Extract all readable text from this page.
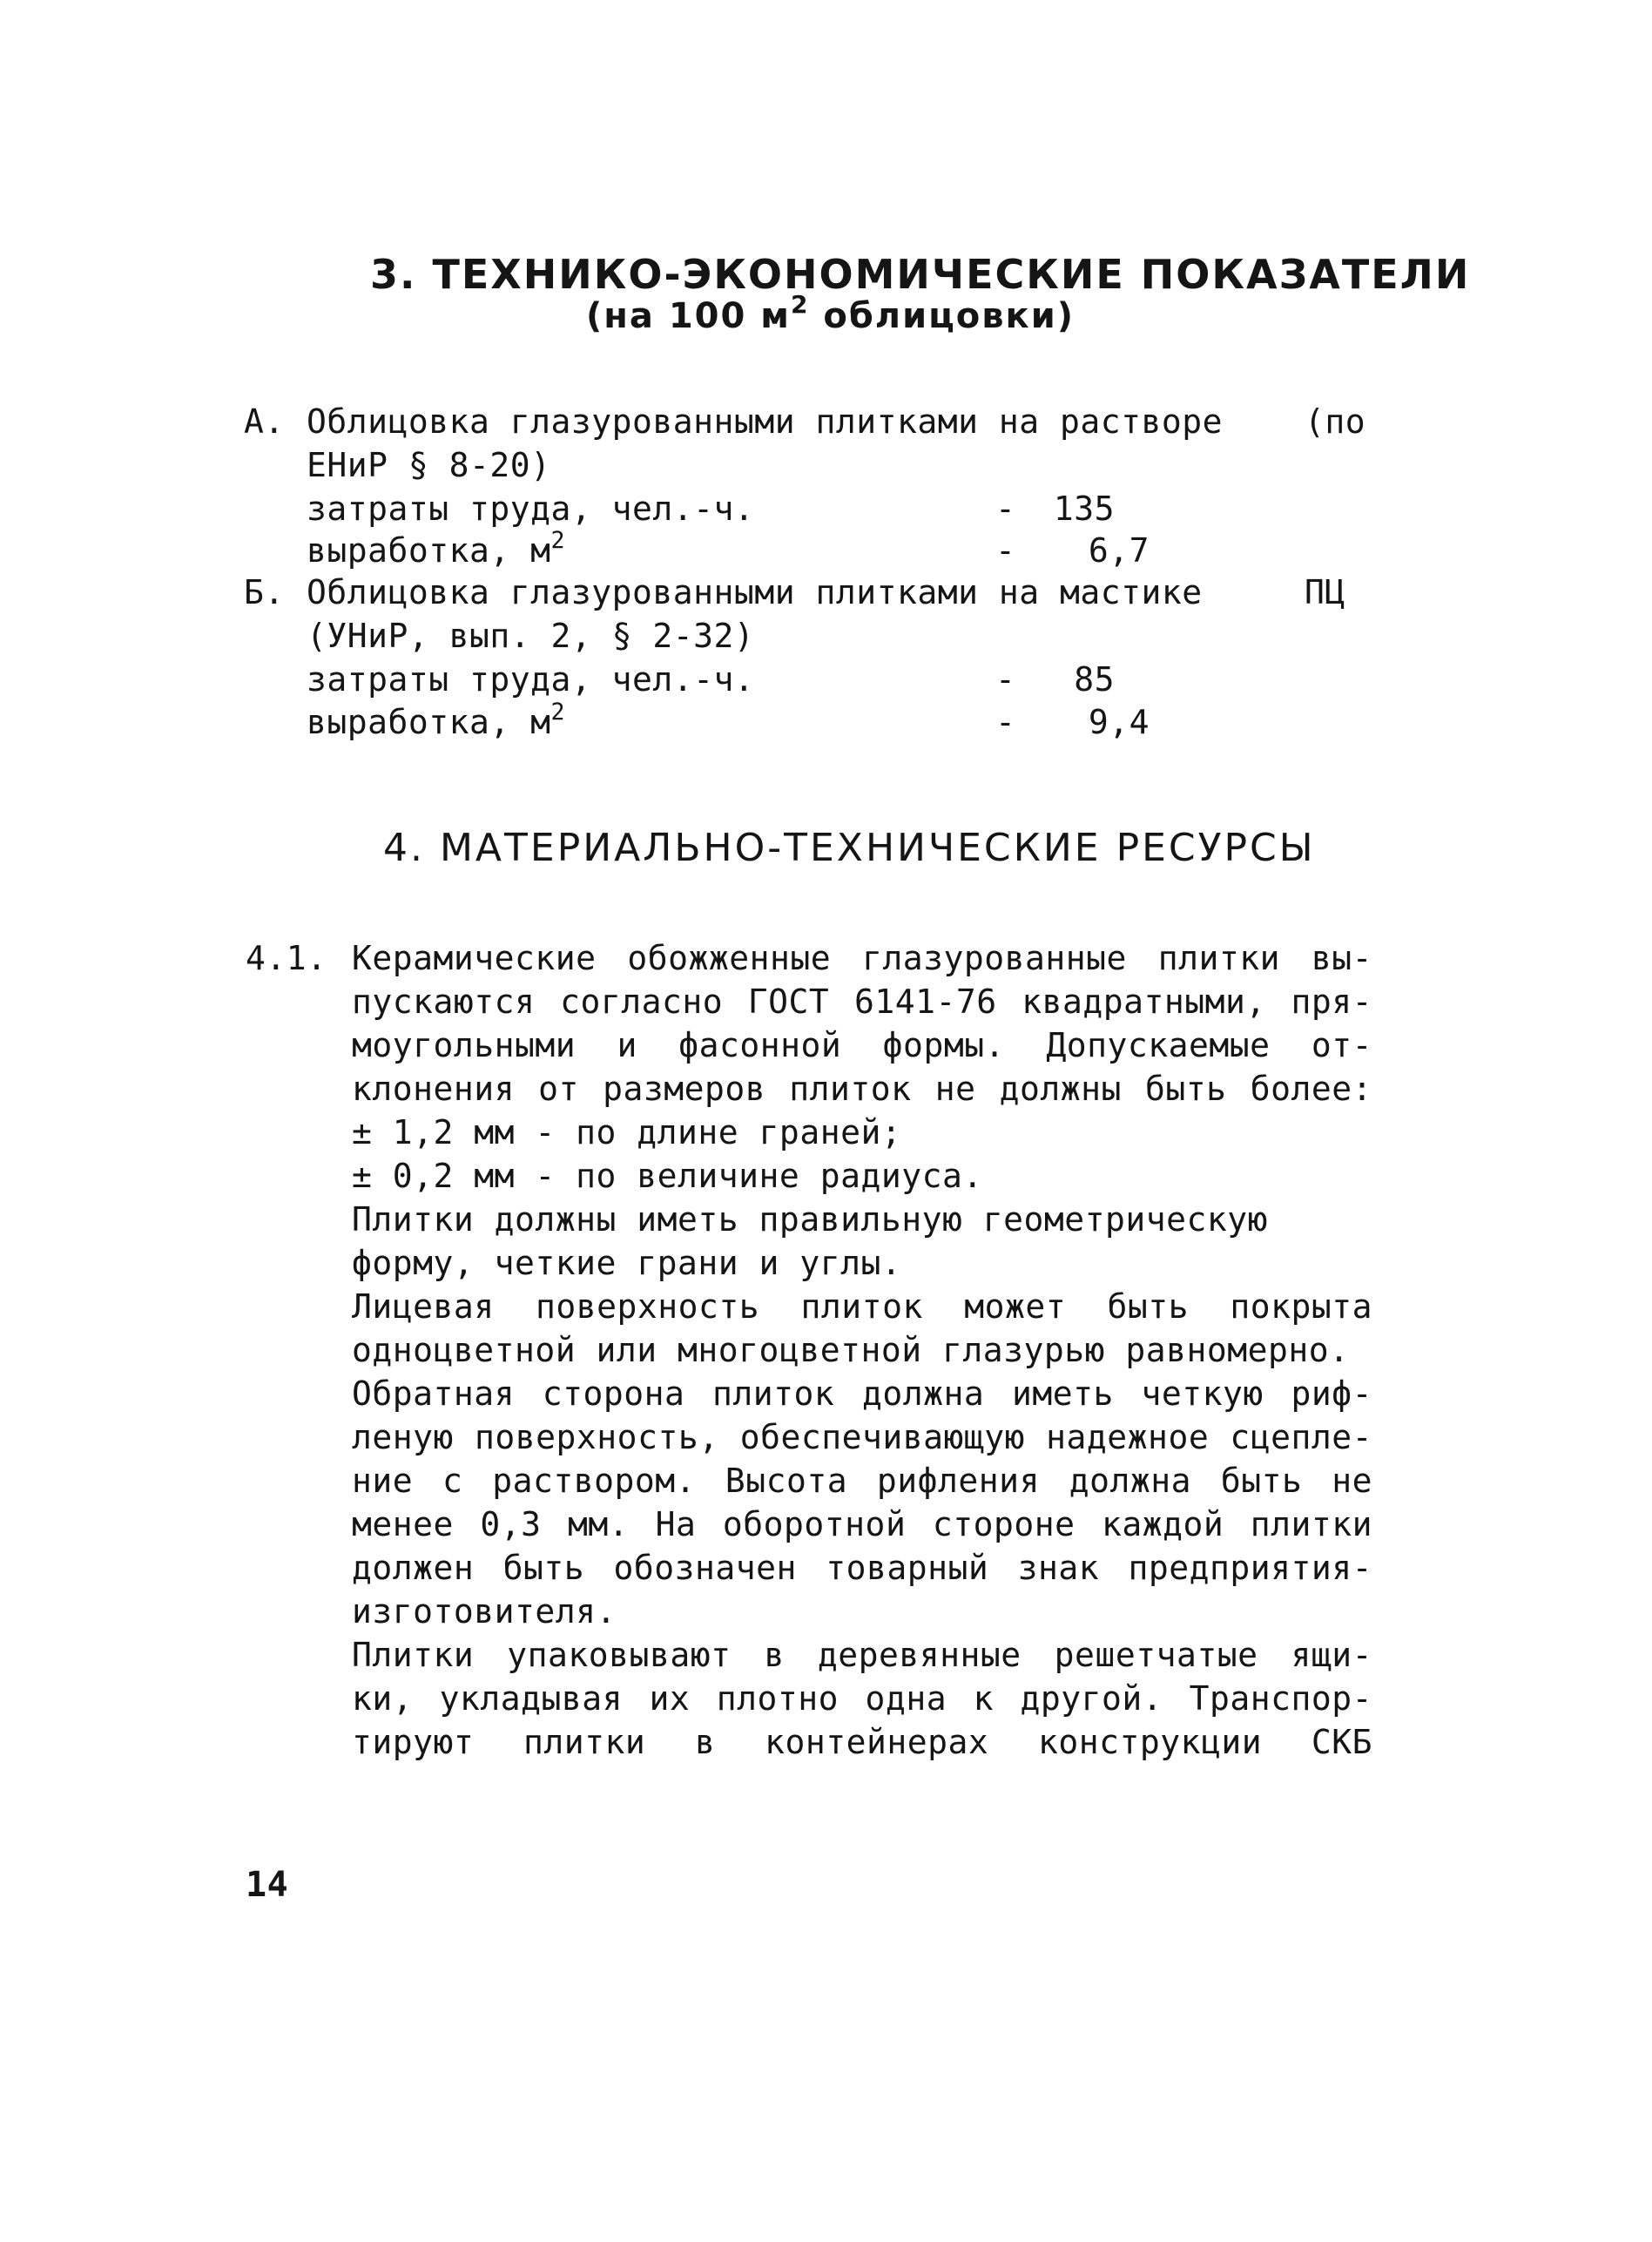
3. ТЕХНИКО-ЭКОНОМИЧЕСКИЕ ПОКАЗАТЕЛИ
(на 100 $м^2$ облицовки)
А. Облицовка глазурованными плитками на растворе (по
ЕНиР § 8-20)
затраты труда, чел.-ч.	-	135
выработка, $м^2$	-	6,7
Б. Облицовка глазурованными плитками на мастике	ПЦ
(УНиР, вып. 2, § 2-32)
затраты труда, чел.-ч.	-	85
выработка, $м^2$	-	9,4
4. МАТЕРИАЛЬНО-ТЕХНИЧЕСКИЕ РЕСУРСЫ
4.1. Керамические обожженные глазурованные плитки вы-
пускаются согласно ГОСТ 6141-76 квадратными, пря-
моугольными и фасонной формы. Допускаемые от-
клонения от размеров плиток не должны быть более:
± 1,2 мм - по длине граней;
± 0,2 мм - по величине радиуса.
Плитки должны иметь правильную геометрическую
форму, четкие грани и углы.
Лицевая поверхность плиток может быть покрыта
одноцветной или многоцветной глазурью равномерно.
Обратная сторона плиток должна иметь четкую риф-
леную поверхность, обеспечивающую надежное сцепле-
ние с раствором. Высота рифления должна быть не
менее 0,3 мм. На оборотной стороне каждой плитки
должен быть обозначен товарный знак предприятия-
изготовителя.
Плитки упаковывают в деревянные решетчатые ящи-
ки, укладывая их плотно одна к другой. Транспор-
тируют плитки в контейнерах конструкции СКБ
14
